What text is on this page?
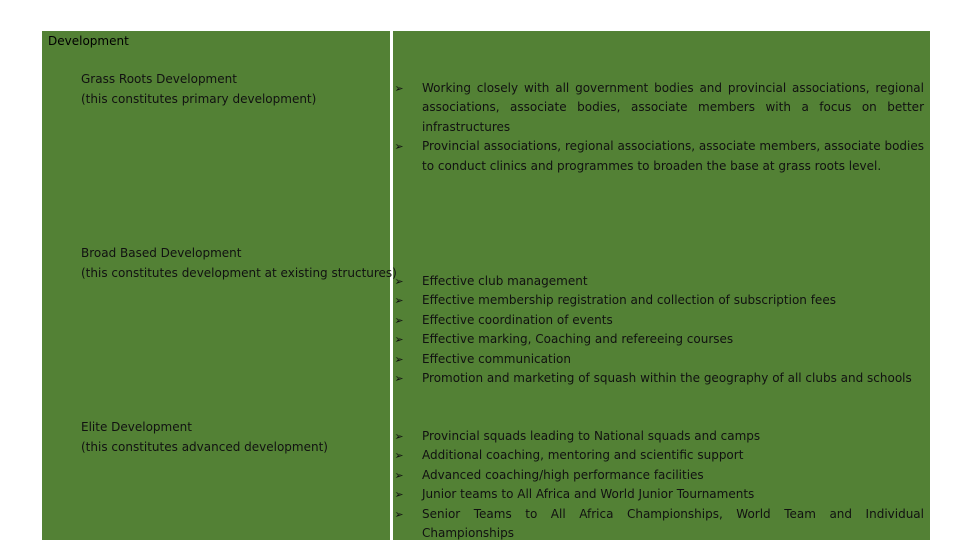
Development
Grass Roots Development
(this constitutes primary development)
➢ Working closely with all government bodies and provincial associations, regional associations, associate bodies, associate members with a focus on better infrastructures
➢ Provincial associations, regional associations, associate members, associate bodies to conduct clinics and programmes to broaden the base at grass roots level.
Broad Based Development
(this constitutes development at existing structures)
➢ Effective club management
➢ Effective membership registration and collection of subscription fees
➢ Effective coordination of events
➢ Effective marking, Coaching and refereeing courses
➢ Effective communication
➢ Promotion and marketing of squash within the geography of all clubs and schools
Elite Development
(this constitutes advanced development)
➢ Provincial squads leading to National squads and camps
➢ Additional coaching, mentoring and scientific support
➢ Advanced coaching/high performance facilities
➢ Junior teams to All Africa and World Junior Tournaments
➢ Senior Teams to All Africa Championships, World Team and Individual Championships
